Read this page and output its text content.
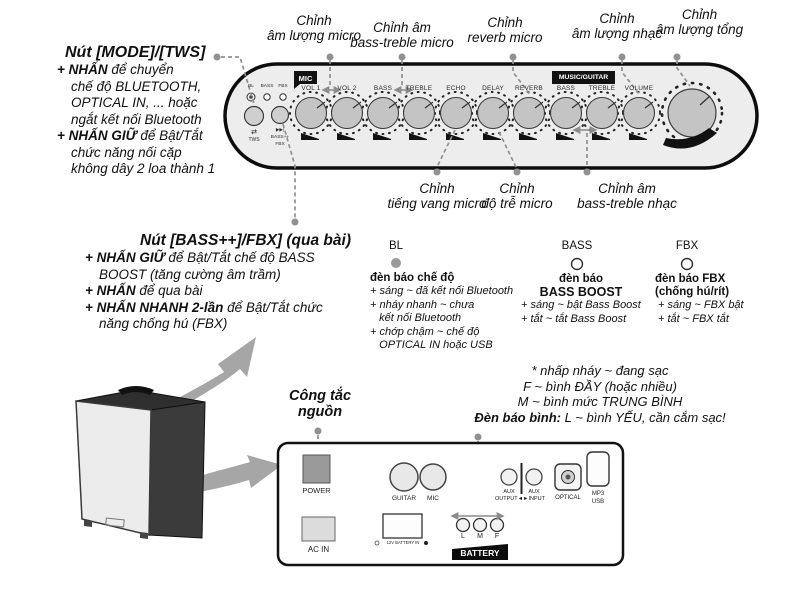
Chỉnh
âm lượng micro
Chỉnh âm
bass-treble micro
Chỉnh
reverb micro
Chỉnh
âm lượng nhạc
Chỉnh
âm lượng tổng
Chỉnh
tiếng vang micro
Chỉnh
độ trễ micro
Chỉnh âm
bass-treble nhạc
Nút [MODE]/[TWS]
+ NHẤN để chuyển
chế độ BLUETOOTH,
OPTICAL IN, ... hoặc
ngắt kết nối Bluetooth
+ NHẤN GIỮ để Bật/Tắt
chức năng nối cặp
không dây 2 loa thành 1
Nút [BASS++]/FBX] (qua bài)
+ NHẤN GIỮ để Bật/Tắt chế độ BASS
BOOST (tăng cường âm trầm)
+ NHẤN để qua bài
+ NHẤN NHANH 2-lần để Bật/Tắt chức
năng chống hú (FBX)
BL
đèn báo chế độ
+ sáng ~ đã kết nối Bluetooth
+ nháy nhanh ~ chưa
kết nối Bluetooth
+ chớp chậm ~ chế độ
OPTICAL IN hoặc USB
BASS
đèn báo
BASS BOOST
+ sáng ~ bật Bass Boost
+ tắt ~ tắt Bass Boost
FBX
đèn báo FBX
(chống hú/rít)
+ sáng ~ FBX bật
+ tắt ~ FBX tắt
* nhấp nháy ~ đang sạc
F ~ bình ĐẦY (hoặc nhiều)
M ~ bình mức TRUNG BÌNH
Đèn báo bình: L ~ bình YẾU, cần cắm sạc!
Công tắc
nguồn
MIC	MUSIC/GUITAR
BL	BASS	FBX
⇄
TWS
▶▶|
BASS++
FBX
VOL 1	VOL 2	BASS	TREBLE	ECHO	DELAY	REVERB	BASS	TREBLE	VOLUME
POWER
AC IN
GUITAR	MIC
12V BATTERY IN
AUX
OUTPUT◄
AUX
►INPUT	OPTICAL
MP3
USB
L	M	F
BATTERY
